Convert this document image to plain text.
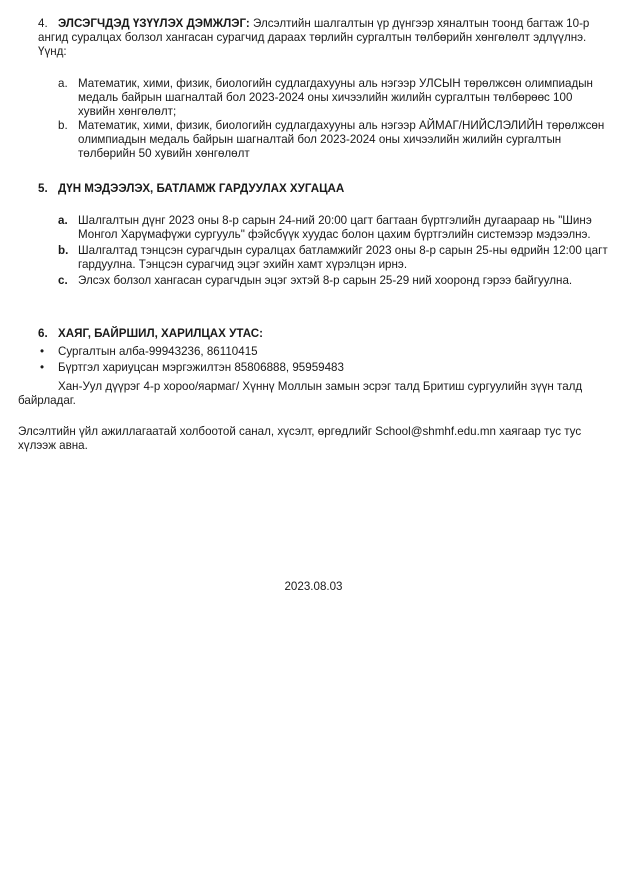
4. ЭЛСЭГЧДЭД ҮЗҮҮЛЭХ ДЭМЖЛЭГ: Элсэлтийн шалгалтын үр дүнгээр хяналтын тоонд багтаж 10-р ангид суралцах болзол хангасан сурагчид дараах төрлийн сургалтын төлбөрийн хөнгөлөлт эдлүүлнэ. Үүнд:
a. Математик, хими, физик, биологийн судлагдахууны аль нэгээр УЛСЫН төрөлжсөн олимпиадын медаль байрын шагналтай бол 2023-2024 оны хичээлийн жилийн сургалтын төлбөрөөс 100 хувийн хөнгөлөлт;
b. Математик, хими, физик, биологийн судлагдахууны аль нэгээр АЙМАГ/НИЙСЛЭЛИЙН төрөлжсөн олимпиадын медаль байрын шагналтай бол 2023-2024 оны хичээлийн жилийн сургалтын төлбөрийн 50 хувийн хөнгөлөлт
5. ДҮН МЭДЭЭЛЭХ, БАТЛАМЖ ГАРДУУЛАХ ХУГАЦАА
a. Шалгалтын дүнг 2023 оны 8-р сарын 24-ний 20:00 цагт багтаан бүртгэлийн дугаараар нь "Шинэ Монгол Харүмафүжи сургууль" фэйсбүүк хуудас болон цахим бүртгэлийн системээр мэдээлнэ.
b. Шалгалтад тэнцсэн сурагчдын суралцах батламжийг 2023 оны 8-р сарын 25-ны өдрийн 12:00 цагт гардуулна. Тэнцсэн сурагчид эцэг эхийн хамт хүрэлцэн ирнэ.
c. Элсэх болзол хангасан сурагчдын эцэг эхтэй 8-р сарын 25-29 ний хооронд гэрээ байгуулна.
6. ХАЯГ, БАЙРШИЛ, ХАРИЛЦАХ УТАС:
• Сургалтын алба-99943236, 86110415
• Бүртгэл хариуцсан мэргэжилтэн 85806888, 95959483
Хан-Уул дүүрэг 4-р хороо/яармаг/ Хүннү Моллын замын эсрэг талд Бритиш сургуулийн зүүн талд байрладаг.
Элсэлтийн үйл ажиллагаатай холбоотой санал, хүсэлт, өргөдлийг School@shmhf.edu.mn хаягаар тус тус хүлээж авна.
2023.08.03
